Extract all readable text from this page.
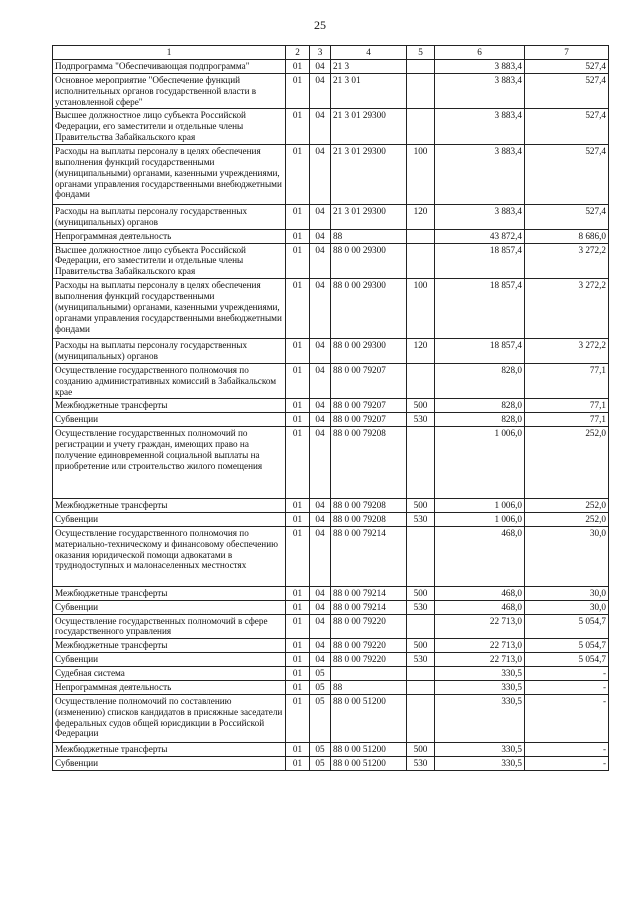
25
1	2	3	4	5	6	7
Подпрограмма "Обеспечивающая подпрограмма"	01	04	21 3		3 883,4	527,4
Основное мероприятие "Обеспечение функций исполнительных органов государственной власти в установленной сфере"	01	04	21 3 01		3 883,4	527,4
Высшее должностное лицо субъекта Российской Федерации, его заместители и отдельные члены Правительства Забайкальского края	01	04	21 3 01 29300		3 883,4	527,4
Расходы на выплаты персоналу в целях обеспечения выполнения функций государственными (муниципальными) органами, казенными учреждениями, органами управления государственными внебюджетными фондами	01	04	21 3 01 29300	100	3 883,4	527,4
Расходы на выплаты персоналу государственных (муниципальных) органов	01	04	21 3 01 29300	120	3 883,4	527,4
Непрограммная деятельность	01	04	88		43 872,4	8 686,0
Высшее должностное лицо субъекта Российской Федерации, его заместители и отдельные члены Правительства Забайкальского края	01	04	88 0 00 29300		18 857,4	3 272,2
Расходы на выплаты персоналу в целях обеспечения выполнения функций государственными (муниципальными) органами, казенными учреждениями, органами управления государственными внебюджетными фондами	01	04	88 0 00 29300	100	18 857,4	3 272,2
Расходы на выплаты персоналу государственных (муниципальных) органов	01	04	88 0 00 29300	120	18 857,4	3 272,2
Осуществление государственного полномочия по созданию административных комиссий в Забайкальском крае	01	04	88 0 00 79207		828,0	77,1
Межбюджетные трансферты	01	04	88 0 00 79207	500	828,0	77,1
Субвенции	01	04	88 0 00 79207	530	828,0	77,1
Осуществление государственных полномочий по регистрации и учету граждан, имеющих право на получение единовременной социальной выплаты на приобретение или строительство жилого помещения	01	04	88 0 00 79208		1 006,0	252,0
Межбюджетные трансферты	01	04	88 0 00 79208	500	1 006,0	252,0
Субвенции	01	04	88 0 00 79208	530	1 006,0	252,0
Осуществление государственного полномочия по материально-техническому и финансовому обеспечению оказания юридической помощи адвокатами в труднодоступных и малонаселенных местностях	01	04	88 0 00 79214		468,0	30,0
Межбюджетные трансферты	01	04	88 0 00 79214	500	468,0	30,0
Субвенции	01	04	88 0 00 79214	530	468,0	30,0
Осуществление государственных полномочий в сфере государственного управления	01	04	88 0 00 79220		22 713,0	5 054,7
Межбюджетные трансферты	01	04	88 0 00 79220	500	22 713,0	5 054,7
Субвенции	01	04	88 0 00 79220	530	22 713,0	5 054,7
Судебная система	01	05			330,5	-
Непрограммная деятельность	01	05	88		330,5	-
Осуществление полномочий по составлению (изменению) списков кандидатов в присяжные заседатели федеральных судов общей юрисдикции в Российской Федерации	01	05	88 0 00 51200		330,5	-
Межбюджетные трансферты	01	05	88 0 00 51200	500	330,5	-
Субвенции	01	05	88 0 00 51200	530	330,5	-
